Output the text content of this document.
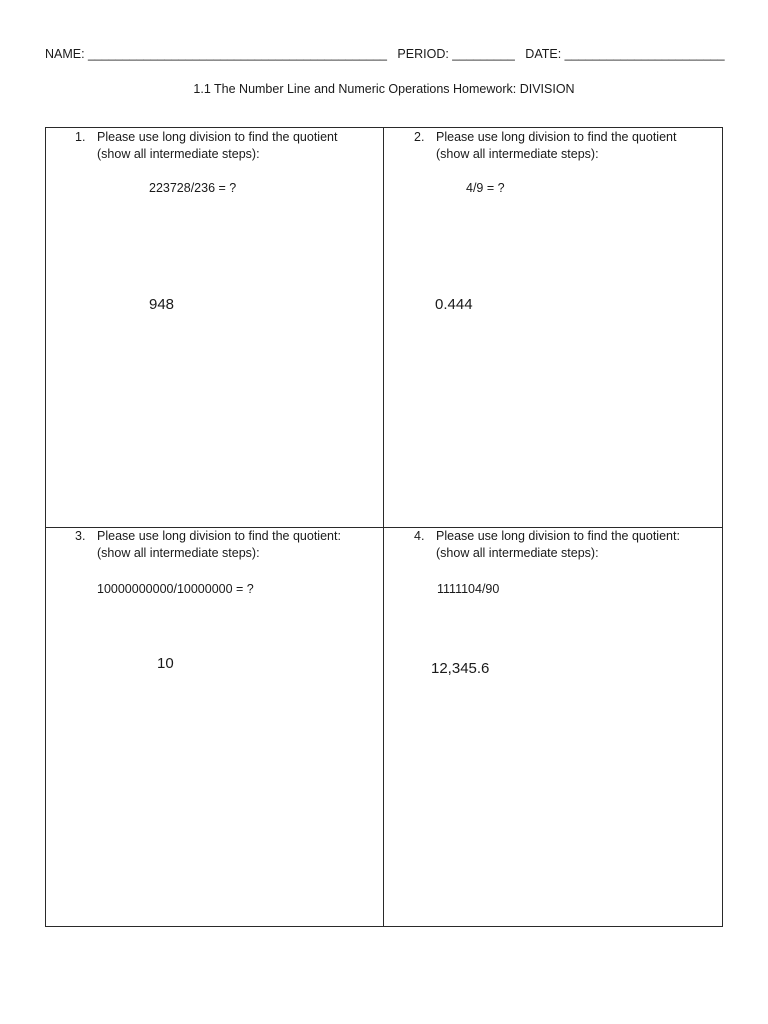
NAME: ___________________________________________ PERIOD: _________ DATE: _______________________
1.1 The Number Line and Numeric Operations Homework: DIVISION
1. Please use long division to find the quotient
(show all intermediate steps):
223728/236 = ?
948
2. Please use long division to find the quotient
(show all intermediate steps):
4/9 = ?
0.444
3. Please use long division to find the quotient:
(show all intermediate steps):
10000000000/10000000 = ?
10
4. Please use long division to find the quotient:
(show all intermediate steps):
1111104/90
12,345.6
